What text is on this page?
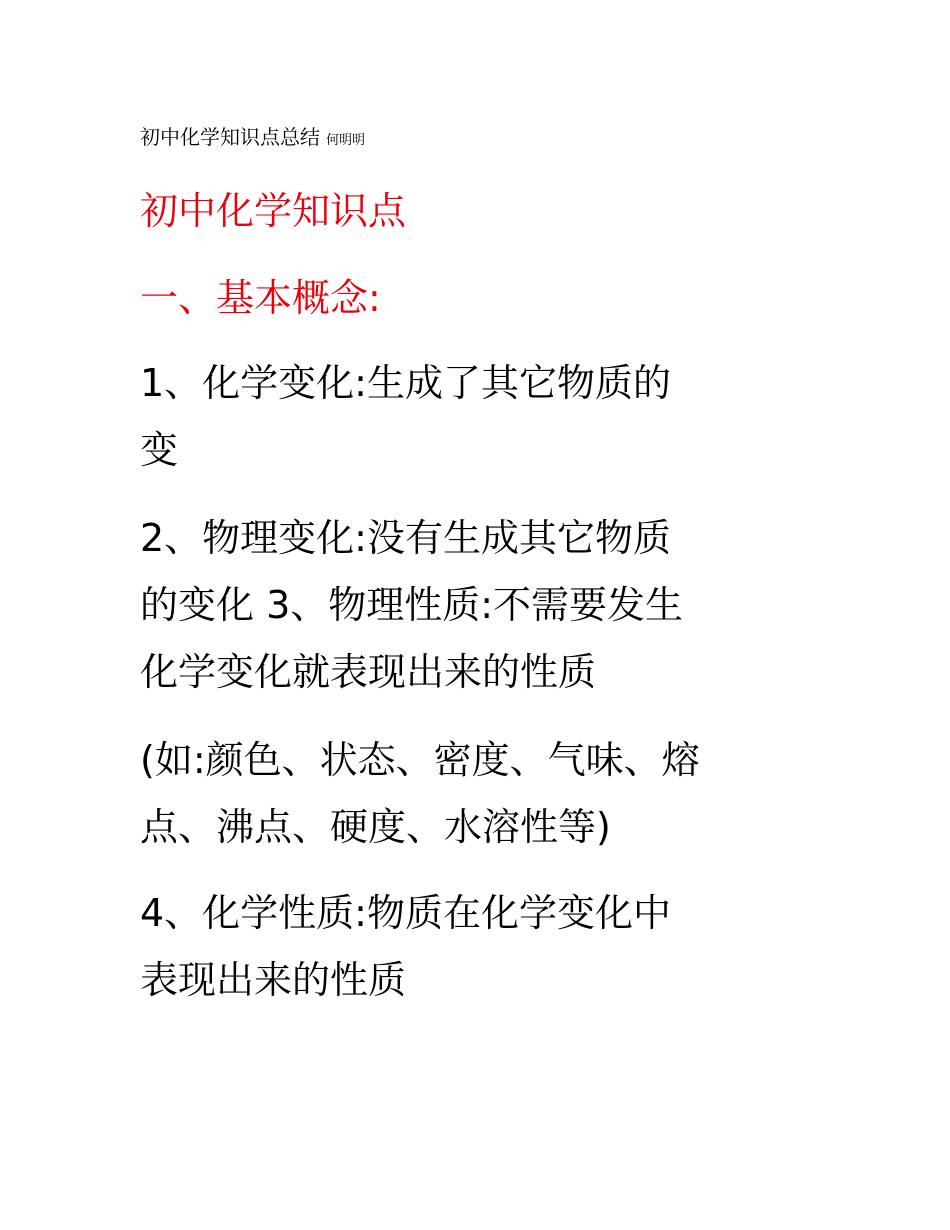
初中化学知识点总结 何明明
初中化学知识点
一、基本概念:
1、化学变化:生成了其它物质的
变
2、物理变化:没有生成其它物质
的变化 3、物理性质:不需要发生
化学变化就表现出来的性质
(如:颜色、状态、密度、气味、熔
点、沸点、硬度、水溶性等)
4、化学性质:物质在化学变化中
表现出来的性质
